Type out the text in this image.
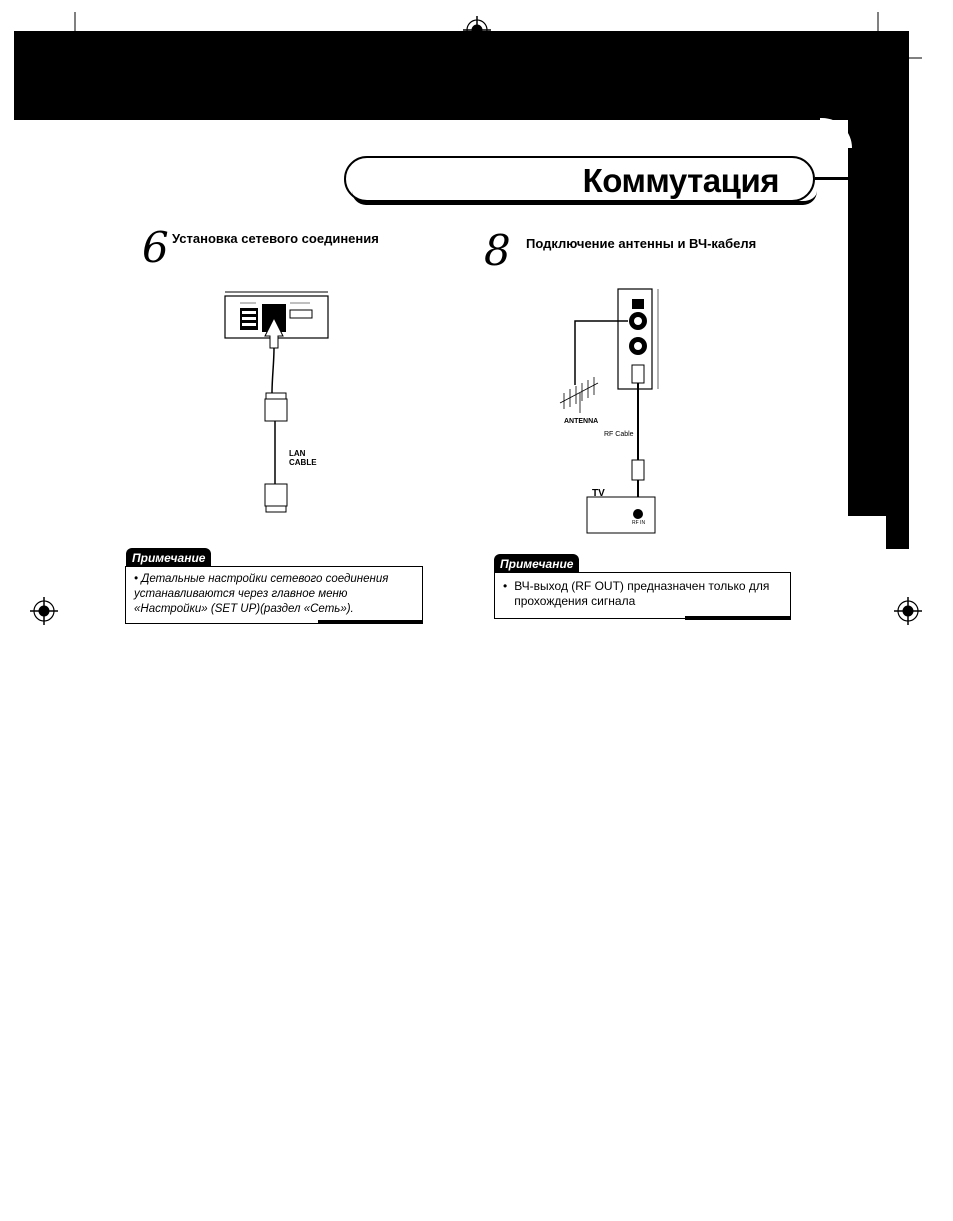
Коммутация
6 Установка сетевого соединения
LAN
CABLE
Примечание
• Детальные настройки сетевого соединения устанавливаются через главное меню «Настройки» (SET UP)(раздел «Сеть»).
8 Подключение антенны и ВЧ-кабеля
ANTENNA
RF Cable
TV
RF IN
Примечание
• ВЧ-выход (RF OUT) предназначен только для прохождения сигнала
